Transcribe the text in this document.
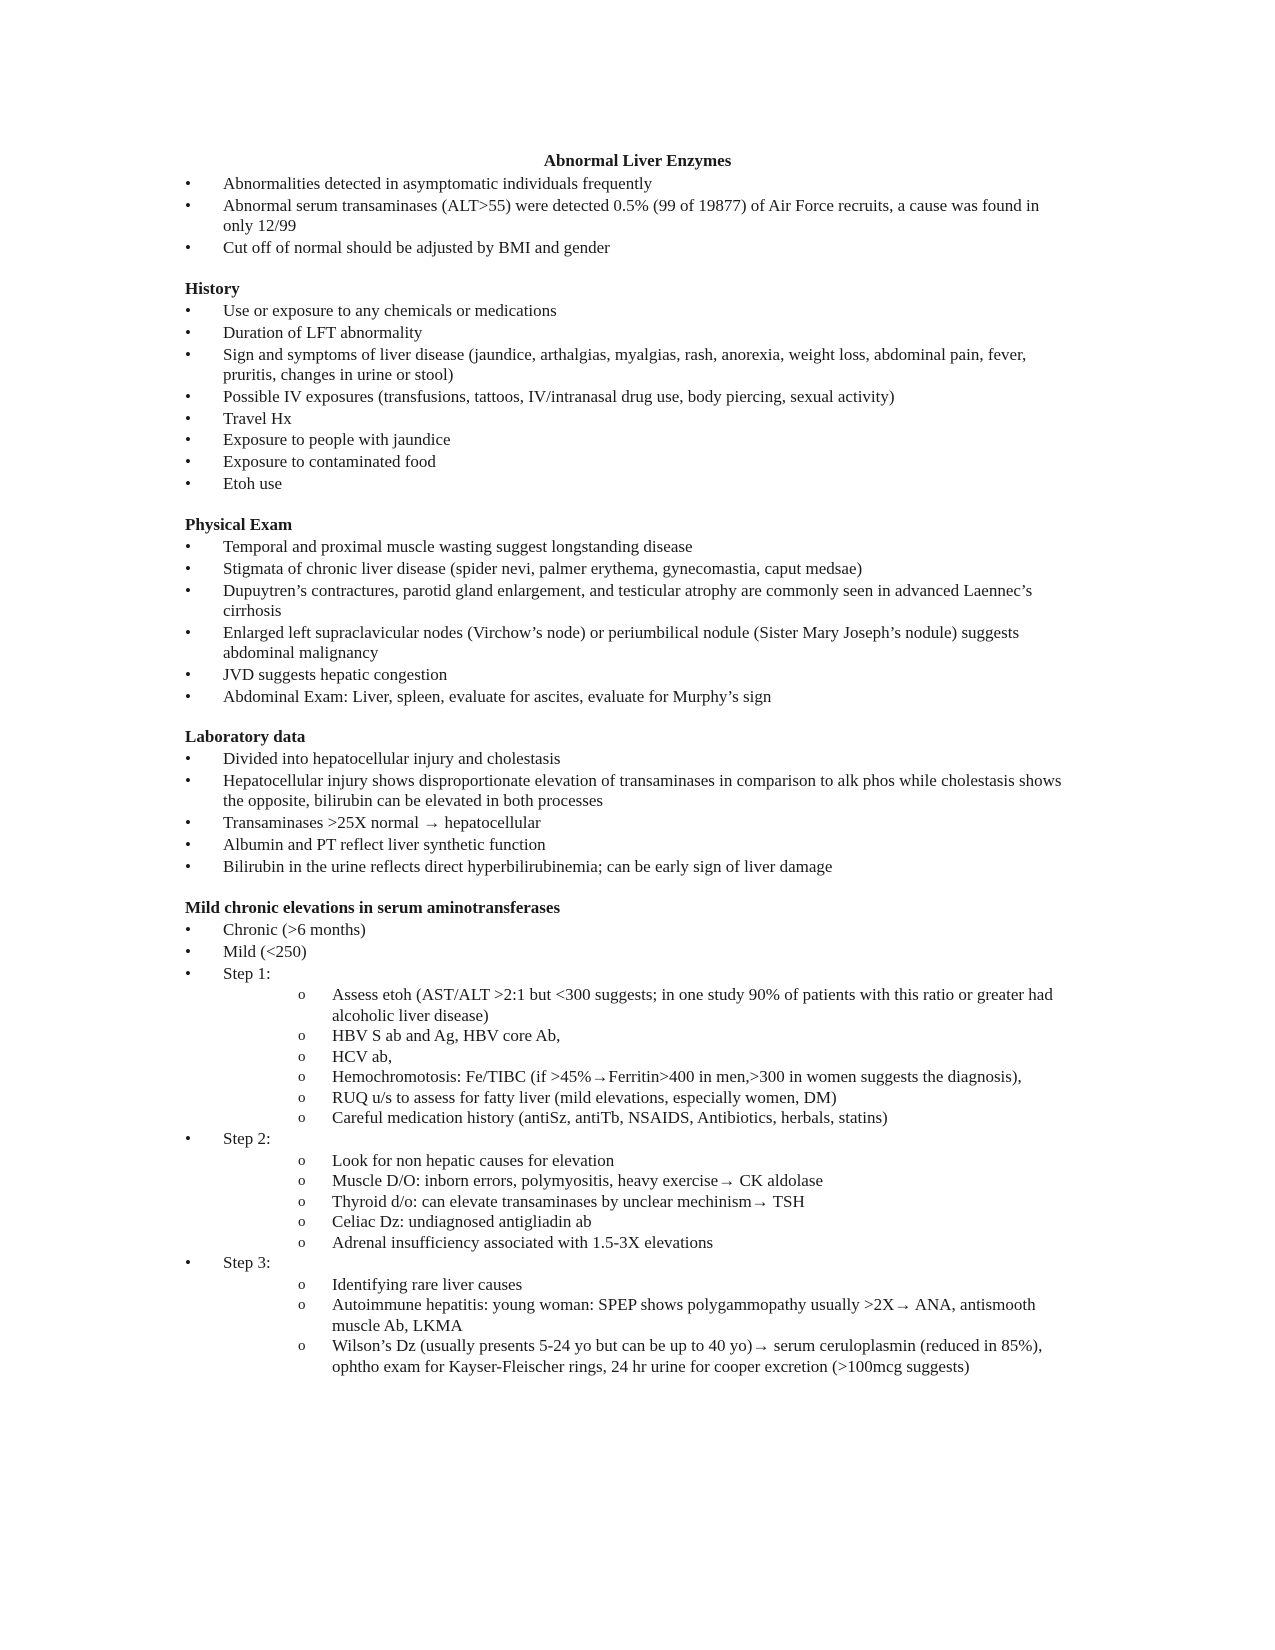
Abnormal Liver Enzymes
•	Abnormalities detected in asymptomatic individuals frequently
•	Abnormal serum transaminases (ALT>55) were detected 0.5% (99 of 19877) of Air Force recruits, a cause was found in only 12/99
•	Cut off of normal should be adjusted by BMI and gender
History
•	Use or exposure to any chemicals or medications
•	Duration of LFT abnormality
•	Sign and symptoms of liver disease (jaundice, arthalgias, myalgias, rash, anorexia, weight loss, abdominal pain, fever, pruritis, changes in urine or stool)
•	Possible IV exposures (transfusions, tattoos, IV/intranasal drug use, body piercing, sexual activity)
•	Travel Hx
•	Exposure to people with jaundice
•	Exposure to contaminated food
•	Etoh use
Physical Exam
•	Temporal and proximal muscle wasting suggest longstanding disease
•	Stigmata of chronic liver disease (spider nevi, palmer erythema, gynecomastia, caput medsae)
•	Dupuytren’s contractures, parotid gland enlargement, and testicular atrophy are commonly seen in advanced Laennec’s cirrhosis
•	Enlarged left supraclavicular nodes (Virchow’s node) or periumbilical nodule (Sister Mary Joseph’s nodule) suggests abdominal malignancy
•	JVD suggests hepatic congestion
•	Abdominal Exam: Liver, spleen, evaluate for ascites, evaluate for Murphy’s sign
Laboratory data
•	Divided into hepatocellular injury and cholestasis
•	Hepatocellular injury shows disproportionate elevation of transaminases in comparison to alk phos while cholestasis shows the opposite, bilirubin can be elevated in both processes
•	Transaminases >25X normal → hepatocellular
•	Albumin and PT reflect liver synthetic function
•	Bilirubin in the urine reflects direct hyperbilirubinemia; can be early sign of liver damage
Mild chronic elevations in serum aminotransferases
•	Chronic (>6 months)
•	Mild (<250)
•	Step 1:
o Assess etoh (AST/ALT >2:1 but <300 suggests; in one study 90% of patients with this ratio or greater had alcoholic liver disease)
o HBV S ab and Ag, HBV core Ab,
o HCV ab,
o Hemochromotosis: Fe/TIBC (if >45%→Ferritin>400 in men,>300 in women suggests the diagnosis),
o RUQ u/s to assess for fatty liver (mild elevations, especially women, DM)
o Careful medication history (antiSz, antiTb, NSAIDS, Antibiotics, herbals, statins)
•	Step 2:
o Look for non hepatic causes for elevation
o Muscle D/O: inborn errors, polymyositis, heavy exercise→ CK aldolase
o Thyroid d/o: can elevate transaminases by unclear mechinism→ TSH
o Celiac Dz: undiagnosed antigliadin ab
o Adrenal insufficiency associated with 1.5-3X elevations
•	Step 3:
o Identifying rare liver causes
o Autoimmune hepatitis: young woman: SPEP shows polygammopathy usually >2X→ ANA, antismooth muscle Ab, LKMA
o Wilson’s Dz (usually presents 5-24 yo but can be up to 40 yo)→ serum ceruloplasmin (reduced in 85%), ophtho exam for Kayser-Fleischer rings, 24 hr urine for cooper excretion (>100mcg suggests)
